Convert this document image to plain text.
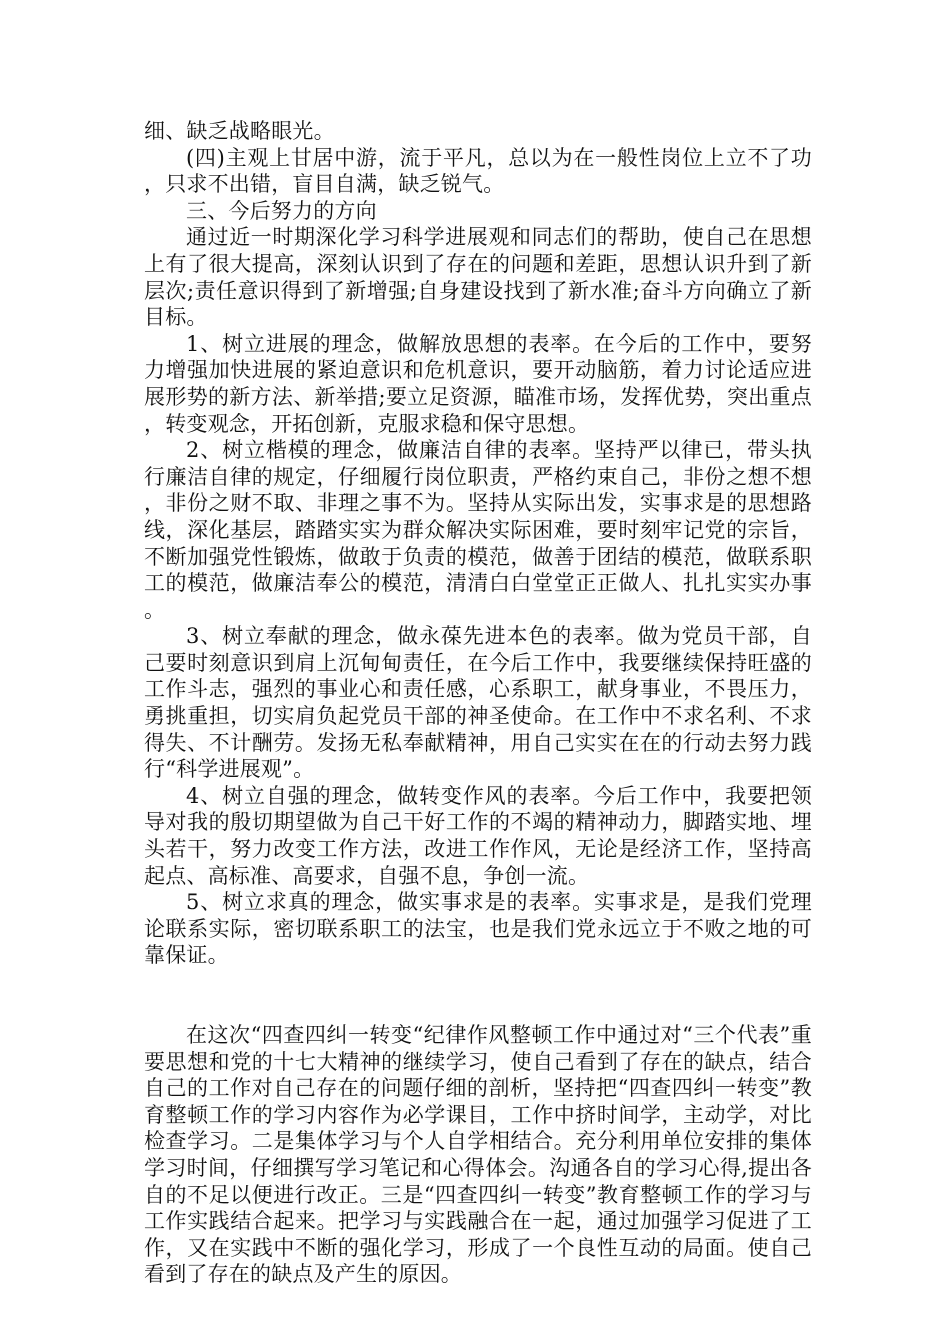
细、缺乏战略眼光。

(四)主观上甘居中游，流于平凡，总以为在一般性岗位上立不了功，只求不出错，盲目自满，缺乏锐气。

三、今后努力的方向

通过近一时期深化学习科学进展观和同志们的帮助，使自己在思想上有了很大提高，深刻认识到了存在的问题和差距，思想认识升到了新层次;责任意识得到了新增强;自身建设找到了新水准;奋斗方向确立了新目标。

1、树立进展的理念，做解放思想的表率。在今后的工作中，要努力增强加快进展的紧迫意识和危机意识，要开动脑筋，着力讨论适应进展形势的新方法、新举措;要立足资源，瞄准市场，发挥优势，突出重点，转变观念，开拓创新，克服求稳和保守思想。

2、树立楷模的理念，做廉洁自律的表率。坚持严以律已，带头执行廉洁自律的规定，仔细履行岗位职责，严格约束自己，非份之想不想，非份之财不取、非理之事不为。坚持从实际出发，实事求是的思想路线，深化基层，踏踏实实为群众解决实际困难，要时刻牢记党的宗旨，不断加强党性锻炼，做敢于负责的模范，做善于团结的模范，做联系职工的模范，做廉洁奉公的模范，清清白白堂堂正正做人、扎扎实实办事。

3、树立奉献的理念，做永葆先进本色的表率。做为党员干部，自己要时刻意识到肩上沉甸甸责任，在今后工作中，我要继续保持旺盛的工作斗志，强烈的事业心和责任感，心系职工，献身事业，不畏压力，勇挑重担，切实肩负起党员干部的神圣使命。在工作中不求名利、不求得失、不计酬劳。发扬无私奉献精神，用自己实实在在的行动去努力践行“科学进展观”。

4、树立自强的理念，做转变作风的表率。今后工作中，我要把领导对我的殷切期望做为自己干好工作的不竭的精神动力，脚踏实地、埋头若干，努力改变工作方法，改进工作作风，无论是经济工作，坚持高起点、高标准、高要求，自强不息，争创一流。

5、树立求真的理念，做实事求是的表率。实事求是，是我们党理论联系实际，密切联系职工的法宝，也是我们党永远立于不败之地的可靠保证。

在这次“四查四纠一转变“纪律作风整顿工作中通过对“三个代表”重要思想和党的十七大精神的继续学习，使自己看到了存在的缺点，结合自己的工作对自己存在的问题仔细的剖析，坚持把“四查四纠一转变”教育整顿工作的学习内容作为必学课目，工作中挤时间学，主动学，对比检查学习。二是集体学习与个人自学相结合。充分利用单位安排的集体学习时间，仔细撰写学习笔记和心得体会。沟通各自的学习心得,提出各自的不足以便进行改正。三是“四查四纠一转变”教育整顿工作的学习与工作实践结合起来。把学习与实践融合在一起，通过加强学习促进了工作，又在实践中不断的强化学习，形成了一个良性互动的局面。使自己看到了存在的缺点及产生的原因。
